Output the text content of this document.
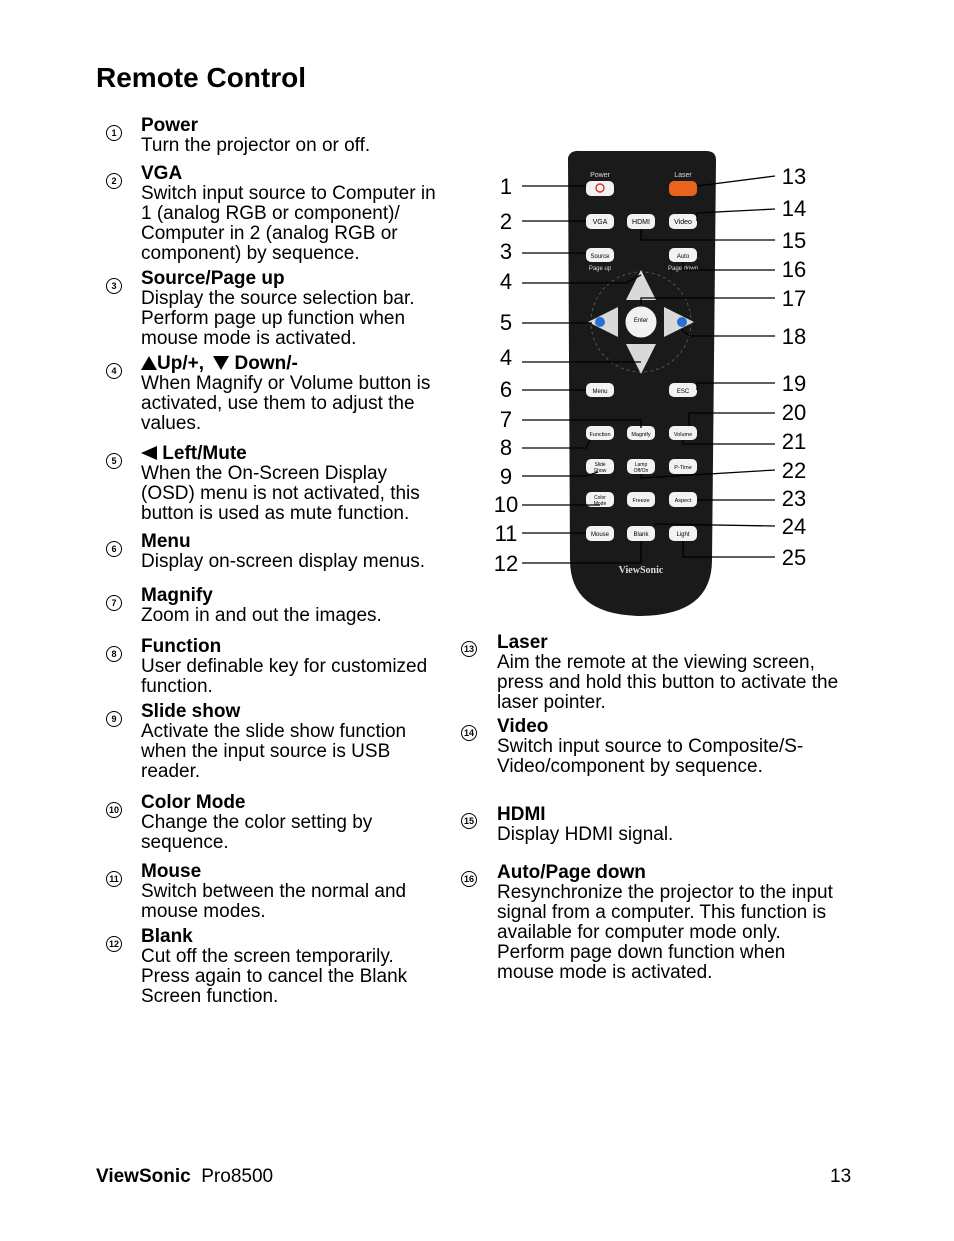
Remote Control
1 Power
Turn the projector on or off.
2 VGA
Switch input source to Computer in 1 (analog RGB or component)/ Computer in 2 (analog RGB or component) by sequence.
3 Source/Page up
Display the source selection bar. Perform page up function when mouse mode is activated.
4	Up/+, Down/-
When Magnify or Volume button is activated, use them to adjust the values.
5	Left/Mute
When the On-Screen Display (OSD) menu is not activated, this button is used as mute function.
6 Menu
Display on-screen display menus.
7 Magnify
Zoom in and out the images.
8 Function
User definable key for customized function.
9 Slide show
Activate the slide show function when the input source is USB reader.
10 Color Mode
Change the color setting by sequence.
11 Mouse
Switch between the normal and mouse modes.
12 Blank
Cut off the screen temporarily. Press again to cancel the Blank Screen function.
13 Laser
Aim the remote at the viewing screen, press and hold this button to activate the laser pointer.
14 Video
Switch input source to Composite/S-Video/component by sequence.
15 HDMI
Display HDMI signal.
16 Auto/Page down
Resynchronize the projector to the input signal from a computer. This function is available for computer mode only. Perform page down function when mouse mode is activated.
Power	Laser
VGA	HDMI	Video
Source
Page up
Auto
Page down
Enter
Menu	ESC
Function	Magnify	Volume
Slide
Show
Lamp
Off/On	P-Time
Color
Mode	Freeze	Aspect
Mouse	Blank	Light
ViewSonic
1
2
3
4
5
4
6
7
8
9
10
11
12
13
14
15
16
17
18
19
20
21
22
23
24
25
ViewSonic Pro8500	13
